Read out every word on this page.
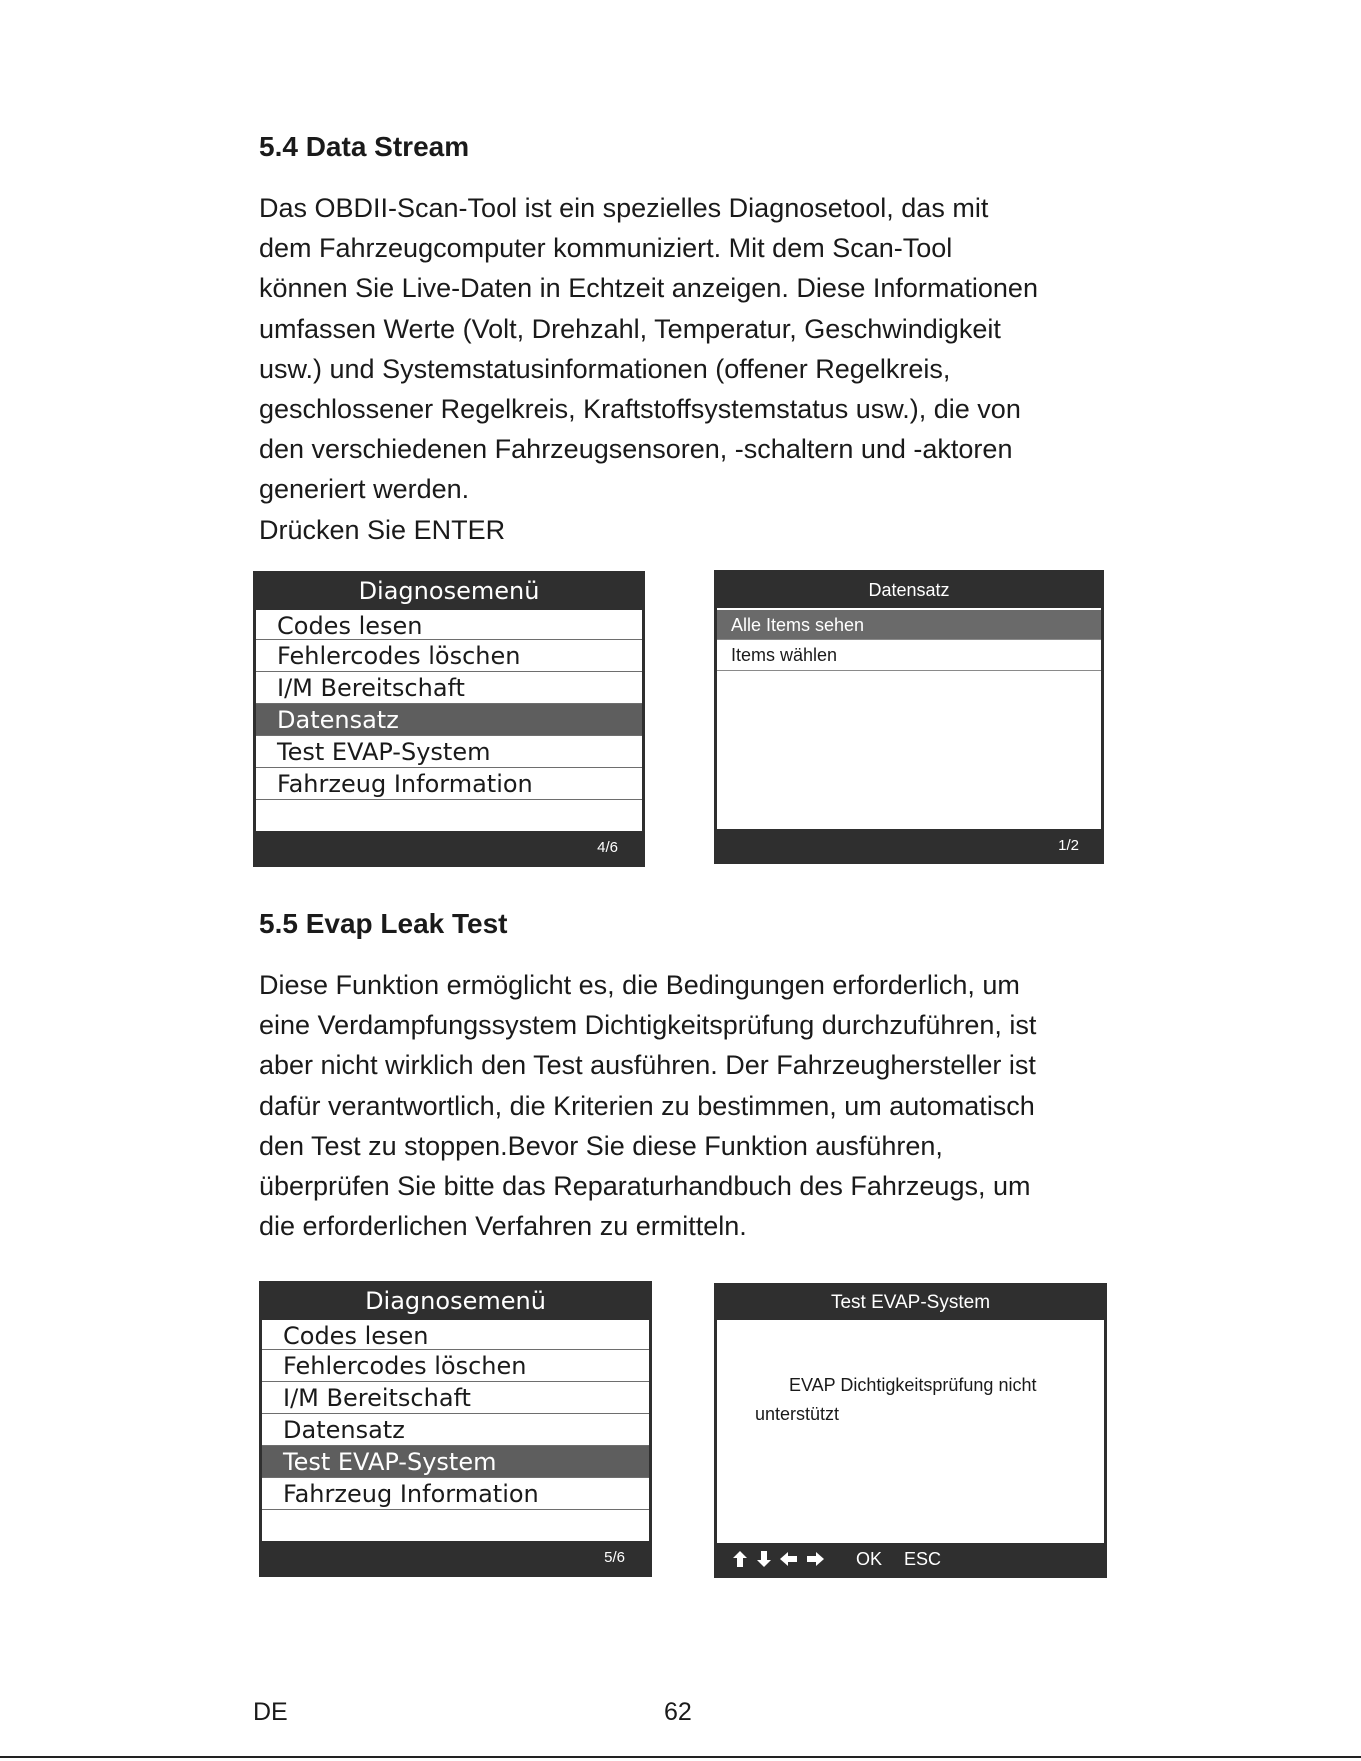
5.4 Data Stream

Das OBDII-Scan-Tool ist ein spezielles Diagnosetool, das mit
dem Fahrzeugcomputer kommuniziert. Mit dem Scan-Tool
können Sie Live-Daten in Echtzeit anzeigen. Diese Informationen
umfassen Werte (Volt, Drehzahl, Temperatur, Geschwindigkeit
usw.) und Systemstatusinformationen (offener Regelkreis,
geschlossener Regelkreis, Kraftstoffsystemstatus usw.), die von
den verschiedenen Fahrzeugsensoren, -schaltern und -aktoren
generiert werden.
Drücken Sie ENTER

Diagnosemenü
Codes lesen
Fehlercodes löschen
I/M Bereitschaft
Datensatz
Test EVAP-System
Fahrzeug Information
4/6
Datensatz
Alle Items sehen
Items wählen
1/2
5.5 Evap Leak Test

Diese Funktion ermöglicht es, die Bedingungen erforderlich, um
eine Verdampfungssystem Dichtigkeitsprüfung durchzuführen, ist
aber nicht wirklich den Test ausführen. Der Fahrzeughersteller ist
dafür verantwortlich, die Kriterien zu bestimmen, um automatisch
den Test zu stoppen.Bevor Sie diese Funktion ausführen,
überprüfen Sie bitte das Reparaturhandbuch des Fahrzeugs, um
die erforderlichen Verfahren zu ermitteln.

Diagnosemenü
Codes lesen
Fehlercodes löschen
I/M Bereitschaft
Datensatz
Test EVAP-System
Fahrzeug Information
5/6
Test EVAP-System
EVAP Dichtigkeitsprüfung nicht
unterstützt
OK ESC
DE	62
